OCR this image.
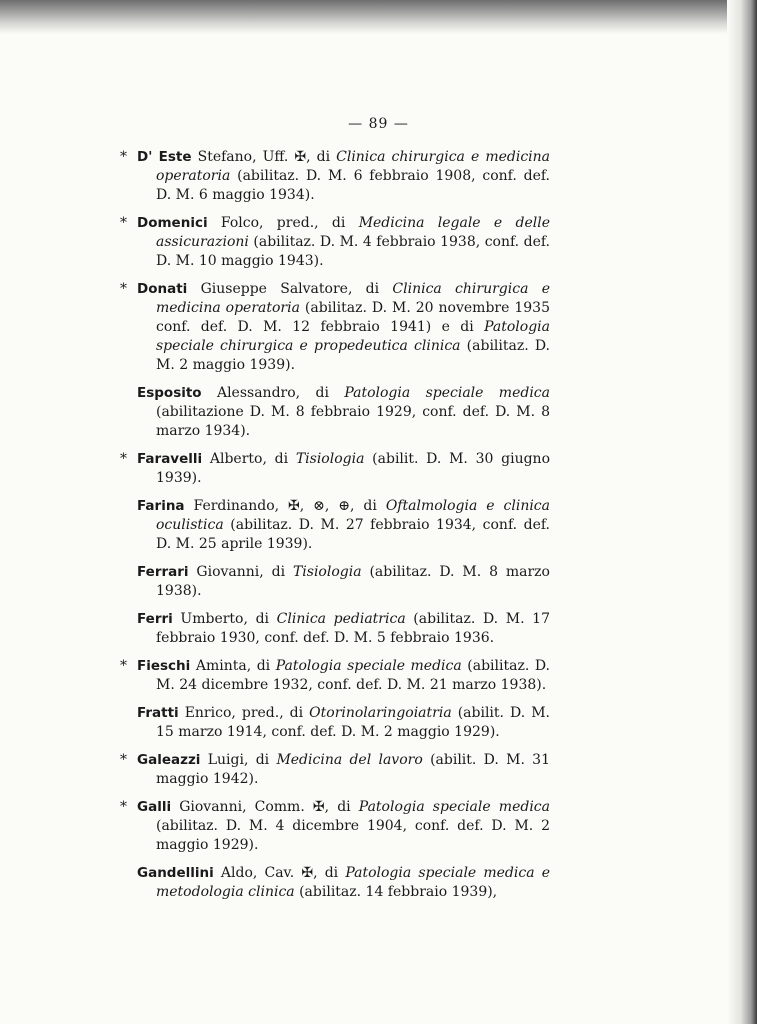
— 89 —

* D' Este Stefano, Uff. ✠, di Clinica chirurgica e medicina operatoria (abilitaz. D. M. 6 febbraio 1908, conf. def. D. M. 6 maggio 1934).

* Domenici Folco, pred., di Medicina legale e delle assicurazioni (abilitaz. D. M. 4 febbraio 1938, conf. def. D. M. 10 maggio 1943).

* Donati Giuseppe Salvatore, di Clinica chirurgica e medicina operatoria (abilitaz. D. M. 20 novembre 1935 conf. def. D. M. 12 febbraio 1941) e di Patologia speciale chirurgica e propedeutica clinica (abilitaz. D. M. 2 maggio 1939).

Esposito Alessandro, di Patologia speciale medica (abilitazione D. M. 8 febbraio 1929, conf. def. D. M. 8 marzo 1934).

* Faravelli Alberto, di Tisiologia (abilit. D. M. 30 giugno 1939).

Farina Ferdinando, ✠, ⊗, ⊕, di Oftalmologia e clinica oculistica (abilitaz. D. M. 27 febbraio 1934, conf. def. D. M. 25 aprile 1939).

Ferrari Giovanni, di Tisiologia (abilitaz. D. M. 8 marzo 1938).

Ferri Umberto, di Clinica pediatrica (abilitaz. D. M. 17 febbraio 1930, conf. def. D. M. 5 febbraio 1936.

* Fieschi Aminta, di Patologia speciale medica (abilitaz. D. M. 24 dicembre 1932, conf. def. D. M. 21 marzo 1938).

Fratti Enrico, pred., di Otorinolaringoiatria (abilit. D. M. 15 marzo 1914, conf. def. D. M. 2 maggio 1929).

* Galeazzi Luigi, di Medicina del lavoro (abilit. D. M. 31 maggio 1942).

* Galli Giovanni, Comm. ✠, di Patologia speciale medica (abilitaz. D. M. 4 dicembre 1904, conf. def. D. M. 2 maggio 1929).

Gandellini Aldo, Cav. ✠, di Patologia speciale medica e metodologia clinica (abilitaz. 14 febbraio 1939),
